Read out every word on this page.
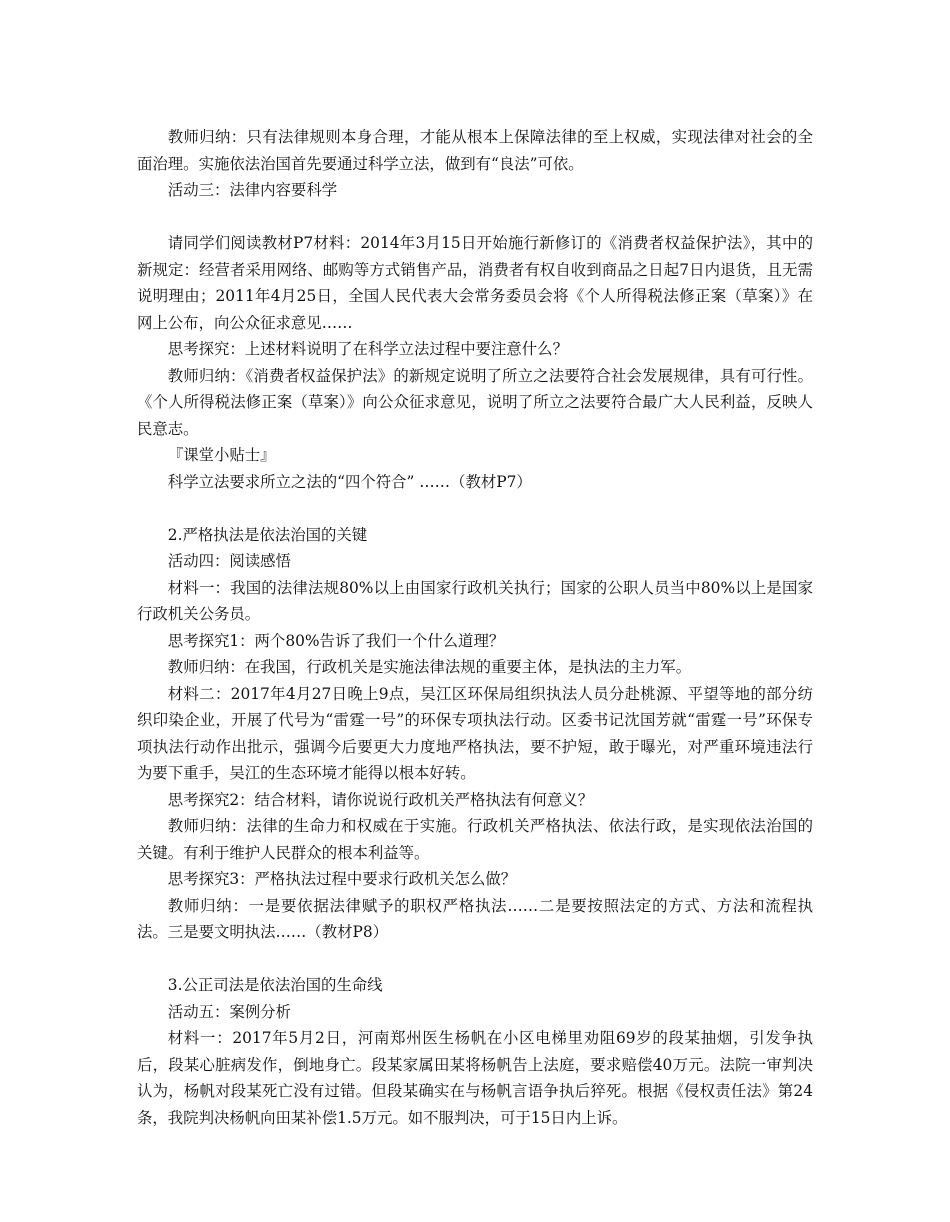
教师归纳：只有法律规则本身合理，才能从根本上保障法律的至上权威，实现法律对社会的全面治理。实施依法治国首先要通过科学立法，做到有“良法”可依。

活动三：法律内容要科学

请同学们阅读教材P7材料：2014年3月15日开始施行新修订的《消费者权益保护法》，其中的新规定：经营者采用网络、邮购等方式销售产品，消费者有权自收到商品之日起7日内退货，且无需说明理由；2011年4月25日，全国人民代表大会常务委员会将《个人所得税法修正案（草案）》在网上公布，向公众征求意见……

思考探究：上述材料说明了在科学立法过程中要注意什么？

教师归纳：《消费者权益保护法》的新规定说明了所立之法要符合社会发展规律，具有可行性。《个人所得税法修正案（草案）》向公众征求意见，说明了所立之法要符合最广大人民利益，反映人民意志。

『课堂小贴士』

科学立法要求所立之法的“四个符合” ……（教材P7）

2.严格执法是依法治国的关键

活动四：阅读感悟

材料一：我国的法律法规80%以上由国家行政机关执行；国家的公职人员当中80%以上是国家行政机关公务员。

思考探究1：两个80%告诉了我们一个什么道理？

教师归纳：在我国，行政机关是实施法律法规的重要主体，是执法的主力军。

材料二：2017年4月27日晚上9点，吴江区环保局组织执法人员分赴桃源、平望等地的部分纺织印染企业，开展了代号为“雷霆一号”的环保专项执法行动。区委书记沈国芳就“雷霆一号”环保专项执法行动作出批示，强调今后要更大力度地严格执法，要不护短，敢于曝光，对严重环境违法行为要下重手，吴江的生态环境才能得以根本好转。

思考探究2：结合材料，请你说说行政机关严格执法有何意义？

教师归纳：法律的生命力和权威在于实施。行政机关严格执法、依法行政，是实现依法治国的关键。有利于维护人民群众的根本利益等。

思考探究3：严格执法过程中要求行政机关怎么做？

教师归纳：一是要依据法律赋予的职权严格执法……二是要按照法定的方式、方法和流程执法。三是要文明执法……（教材P8）

3.公正司法是依法治国的生命线

活动五：案例分析

材料一：2017年5月2日，河南郑州医生杨帆在小区电梯里劝阻69岁的段某抽烟，引发争执后，段某心脏病发作，倒地身亡。段某家属田某将杨帆告上法庭，要求赔偿40万元。法院一审判决认为，杨帆对段某死亡没有过错。但段某确实在与杨帆言语争执后猝死。根据《侵权责任法》第24条，我院判决杨帆向田某补偿1.5万元。如不服判决，可于15日内上诉。
